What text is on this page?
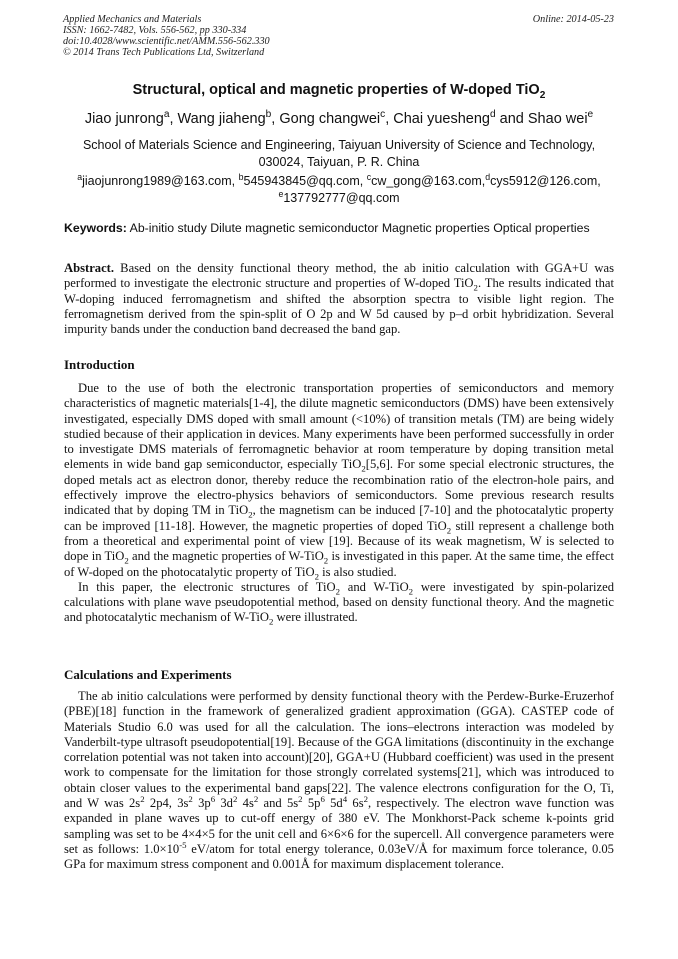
Applied Mechanics and Materials
ISSN: 1662-7482, Vols. 556-562, pp 330-334
doi:10.4028/www.scientific.net/AMM.556-562.330
© 2014 Trans Tech Publications Ltd, Switzerland
Online: 2014-05-23
Structural, optical and magnetic properties of W-doped TiO$_2$
Jiao junrong$^a$, Wang jiaheng$^b$, Gong changwei$^c$, Chai yuesheng$^d$ and Shao wei$^e$
School of Materials Science and Engineering, Taiyuan University of Science and Technology, 030024, Taiyuan, P. R. China
$^a$jiaojunrong1989@163.com, $^b$545943845@qq.com, $^c$cw_gong@163.com,$^d$cys5912@126.com,
$^e$137792777@qq.com
Keywords: Ab-initio study Dilute magnetic semiconductor Magnetic properties Optical properties
Abstract. Based on the density functional theory method, the ab initio calculation with GGA+U was performed to investigate the electronic structure and properties of W-doped TiO$_2$. The results indicated that W-doping induced ferromagnetism and shifted the absorption spectra to visible light region. The ferromagnetism derived from the spin-split of O 2p and W 5d caused by p–d orbit hybridization. Several impurity bands under the conduction band decreased the band gap.
Introduction
Due to the use of both the electronic transportation properties of semiconductors and memory characteristics of magnetic materials[1-4], the dilute magnetic semiconductors (DMS) have been extensively investigated, especially DMS doped with small amount (<10%) of transition metals (TM) are being widely studied because of their application in devices. Many experiments have been performed successfully in order to investigate DMS materials of ferromagnetic behavior at room temperature by doping transition metal elements in wide band gap semiconductor, especially TiO$_2$[5,6]. For some special electronic structures, the doped metals act as electron donor, thereby reduce the recombination ratio of the electron-hole pairs, and effectively improve the electro-physics behaviors of semiconductors. Some previous research results indicated that by doping TM in TiO$_2$, the magnetism can be induced [7-10] and the photocatalytic property can be improved [11-18]. However, the magnetic properties of doped TiO$_2$ still represent a challenge both from a theoretical and experimental point of view [19]. Because of its weak magnetism, W is selected to dope in TiO$_2$ and the magnetic properties of W-TiO$_2$ is investigated in this paper. At the same time, the effect of W-doped on the photocatalytic property of TiO$_2$ is also studied.
In this paper, the electronic structures of TiO$_2$ and W-TiO$_2$ were investigated by spin-polarized calculations with plane wave pseudopotential method, based on density functional theory. And the magnetic and photocatalytic mechanism of W-TiO$_2$ were illustrated.
Calculations and Experiments
The ab initio calculations were performed by density functional theory with the Perdew-Burke-Eruzerhof (PBE)[18] function in the framework of generalized gradient approximation (GGA). CASTEP code of Materials Studio 6.0 was used for all the calculation. The ions–electrons interaction was modeled by Vanderbilt-type ultrasoft pseudopotential[19]. Because of the GGA limitations (discontinuity in the exchange correlation potential was not taken into account)[20], GGA+U (Hubbard coefficient) was used in the present work to compensate for the limitation for those strongly correlated systems[21], which was introduced to obtain closer values to the experimental band gaps[22]. The valence electrons configuration for the O, Ti, and W was $2s^2$ 2p4, $3s^2$ $3p^6$ $3d^2$ $4s^2$ and $5s^2$ $5p^6$ $5d^4$ $6s^2$, respectively. The electron wave function was expanded in plane waves up to cut-off energy of 380 eV. The Monkhorst-Pack scheme k-points grid sampling was set to be 4×4×5 for the unit cell and 6×6×6 for the supercell. All convergence parameters were set as follows: $1.0\times 10^{-5}$ eV/atom for total energy tolerance, 0.03eV/Å for maximum force tolerance, 0.05 GPa for maximum stress component and 0.001Å for maximum displacement tolerance.
